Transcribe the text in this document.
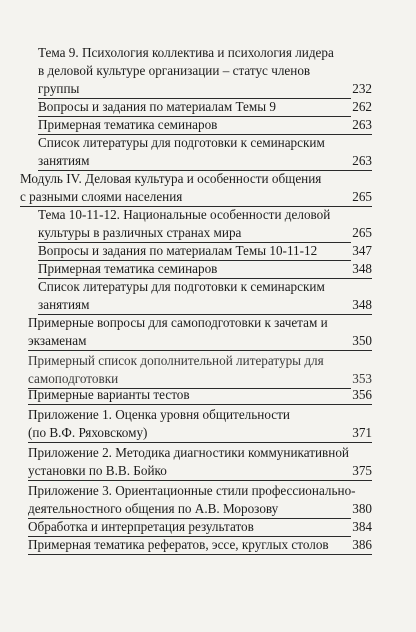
Тема 9. Психология коллектива и психология лидера
в деловой культуре организации – статус членов
группы	232
Вопросы и задания по материалам Темы 9	262
Примерная тематика семинаров	263
Список литературы для подготовки к семинарским
занятиям	263
Модуль IV. Деловая культура и особенности общения
с разными слоями населения	265
Тема 10-11-12. Национальные особенности деловой
культуры в различных странах мира	265
Вопросы и задания по материалам Темы 10-11-12	347
Примерная тематика семинаров	348
Список литературы для подготовки к семинарским
занятиям	348
Примерные вопросы для самоподготовки к зачетам и
экзаменам	350
Примерный список дополнительной литературы для
самоподготовки	353
Примерные варианты тестов	356
Приложение 1. Оценка уровня общительности
(по В.Ф. Ряховскому)	371
Приложение 2. Методика диагностики коммуникативной
установки по В.В. Бойко	375
Приложение 3. Ориентационные стили профессионально-
деятельностного общения по А.В. Морозову	380
Обработка и интерпретация результатов	384
Примерная тематика рефератов, эссе, круглых столов	386
